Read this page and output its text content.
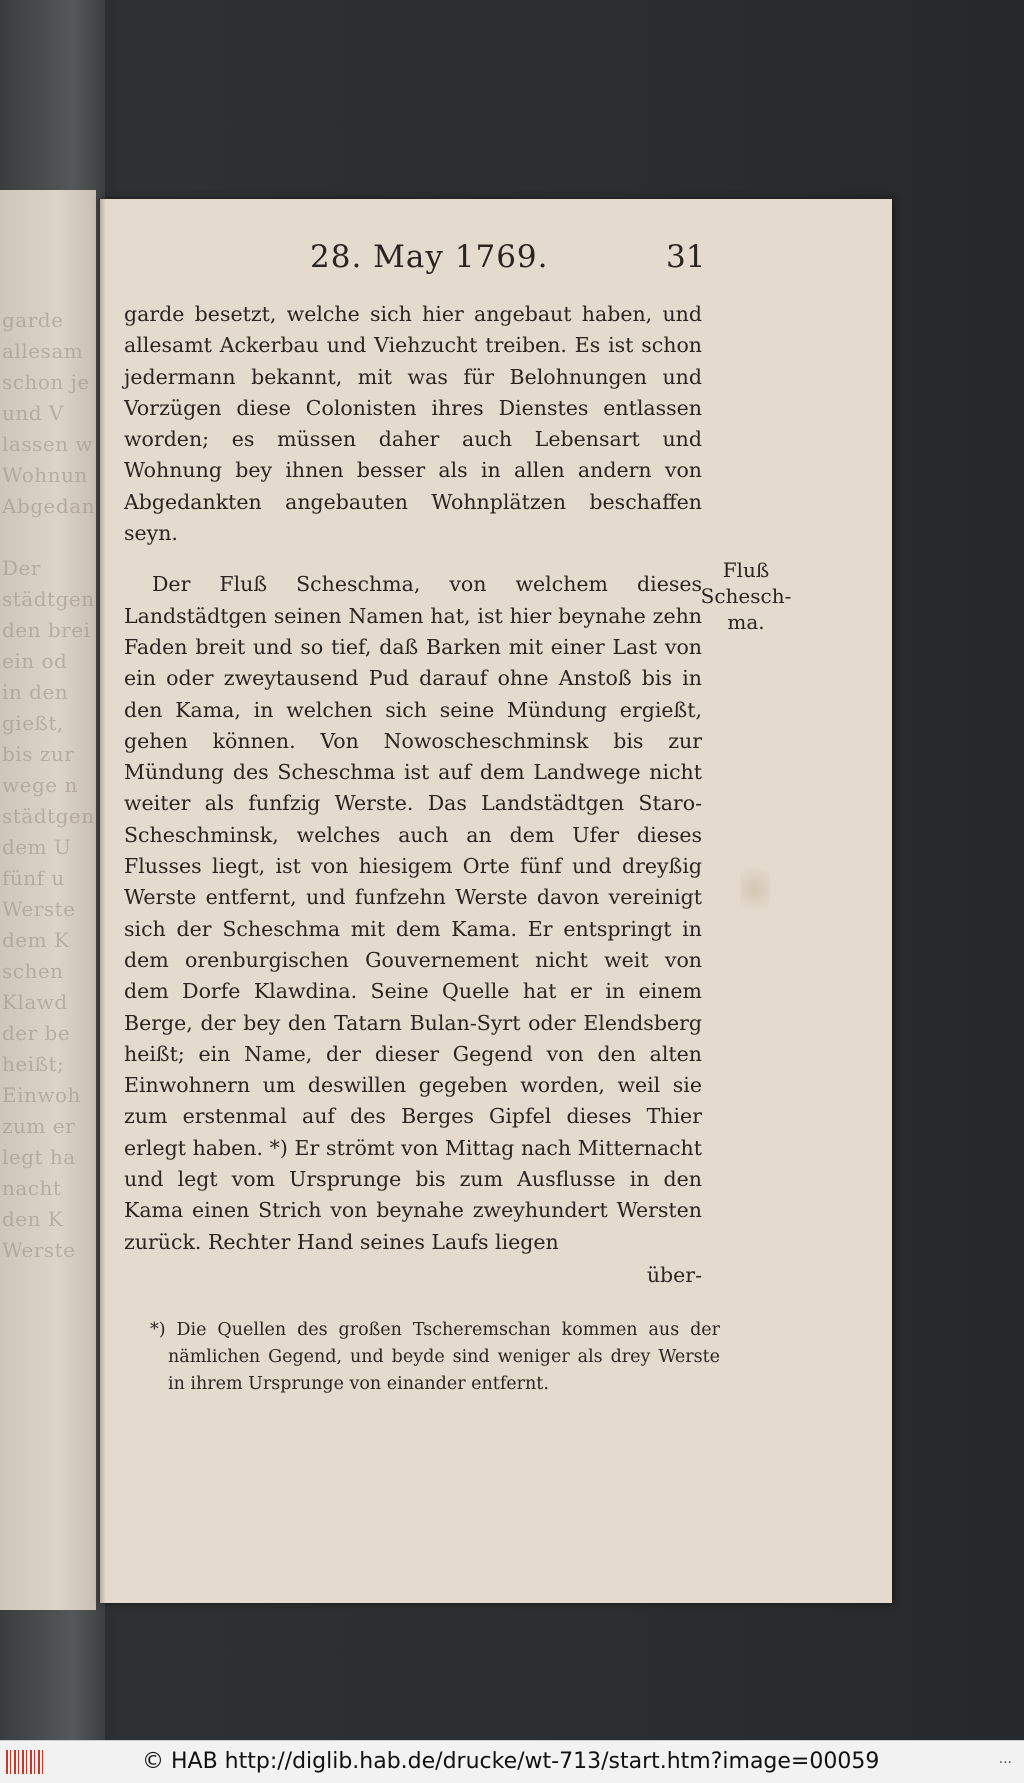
garde
allesam
schon je
und V
lassen w
Wohnun
Abgedan

Der
städtgen
den brei
ein od
in den
gießt,
bis zur
wege n
städtgen
dem U
fünf u
Werste
dem K
schen
Klawd
der be
heißt;
Einwoh
zum er
legt ha
nacht
den K
Werste
28. May 1769.	31

garde besetzt, welche sich hier angebaut haben, und allesamt Ackerbau und Viehzucht treiben. Es ist schon jedermann bekannt, mit was für Belohnungen und Vorzügen diese Colonisten ihres Dienstes entlassen worden; es müssen daher auch Lebensart und Wohnung bey ihnen besser als in allen andern von Abgedankten angebauten Wohnplätzen beschaffen seyn.

Der Fluß Scheschma, von welchem dieses Landstädtgen seinen Namen hat, ist hier beynahe zehn Faden breit und so tief, daß Barken mit einer Last von ein oder zweytausend Pud darauf ohne Anstoß bis in den Kama, in welchen sich seine Mündung ergießt, gehen können. Von Nowoscheschminsk bis zur Mündung des Scheschma ist auf dem Landwege nicht weiter als funfzig Werste. Das Landstädtgen Staro-Scheschminsk, welches auch an dem Ufer dieses Flusses liegt, ist von hiesigem Orte fünf und dreyßig Werste entfernt, und funfzehn Werste davon vereinigt sich der Scheschma mit dem Kama. Er entspringt in dem orenburgischen Gouvernement nicht weit von dem Dorfe Klawdina. Seine Quelle hat er in einem Berge, der bey den Tatarn Bulan-Syrt oder Elendsberg heißt; ein Name, der dieser Gegend von den alten Einwohnern um deswillen gegeben worden, weil sie zum erstenmal auf des Berges Gipfel dieses Thier erlegt haben. *) Er strömt von Mittag nach Mitternacht und legt vom Ursprunge bis zum Ausflusse in den Kama einen Strich von beynahe zweyhundert Wersten zurück. Rechter Hand seines Laufs liegen

über-
Fluß Schesch-ma.
*) Die Quellen des großen Tscheremschan kommen aus der nämlichen Gegend, und beyde sind weniger als drey Werste in ihrem Ursprunge von einander entfernt.
© HAB http://diglib.hab.de/drucke/wt-713/start.htm?image=00059	...
